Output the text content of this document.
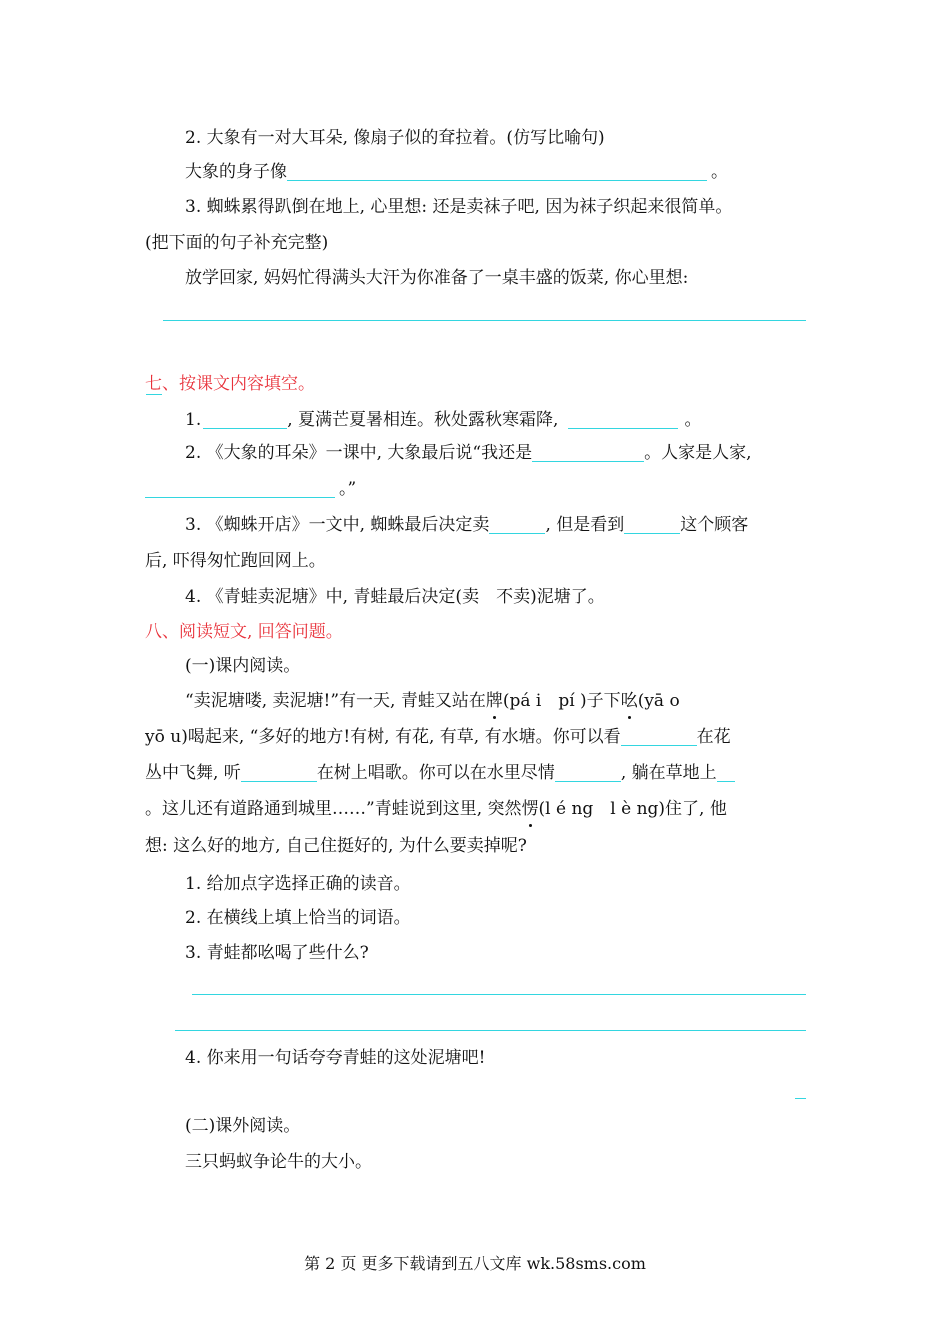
2. 大象有一对大耳朵, 像扇子似的耷拉着。(仿写比喻句)
大象的身子像	。
3. 蜘蛛累得趴倒在地上, 心里想: 还是卖袜子吧, 因为袜子织起来很简单。
(把下面的句子补充完整)
放学回家, 妈妈忙得满头大汗为你准备了一桌丰盛的饭菜, 你心里想:
七、按课文内容填空。
1.	, 夏满芒夏暑相连。秋处露秋寒霜降,	。
2. 《大象的耳朵》一课中, 大象最后说“我还是	。人家是人家,
。”
3. 《蜘蛛开店》一文中, 蜘蛛最后决定卖	, 但是看到	这个顾客
后, 吓得匆忙跑回网上。
4. 《青蛙卖泥塘》中, 青蛙最后决定(卖　不卖)泥塘了。
八、阅读短文, 回答问题。
(一)课内阅读。
“卖泥塘喽, 卖泥塘!”有一天, 青蛙又站在牌(pá i　pí )子下吆(yā o
yō u)喝起来, “多好的地方!有树, 有花, 有草, 有水塘。你可以看	在花
丛中飞舞, 听	在树上唱歌。你可以在水里尽情	, 躺在草地上
。这儿还有道路通到城里……”青蛙说到这里, 突然愣(l é ng　l è ng)住了, 他
想: 这么好的地方, 自己住挺好的, 为什么要卖掉呢?
1. 给加点字选择正确的读音。
2. 在横线上填上恰当的词语。
3. 青蛙都吆喝了些什么?
4. 你来用一句话夸夸青蛙的这处泥塘吧!
(二)课外阅读。
三只蚂蚁争论牛的大小。
第 2 页 更多下载请到五八文库 wk.58sms.com
